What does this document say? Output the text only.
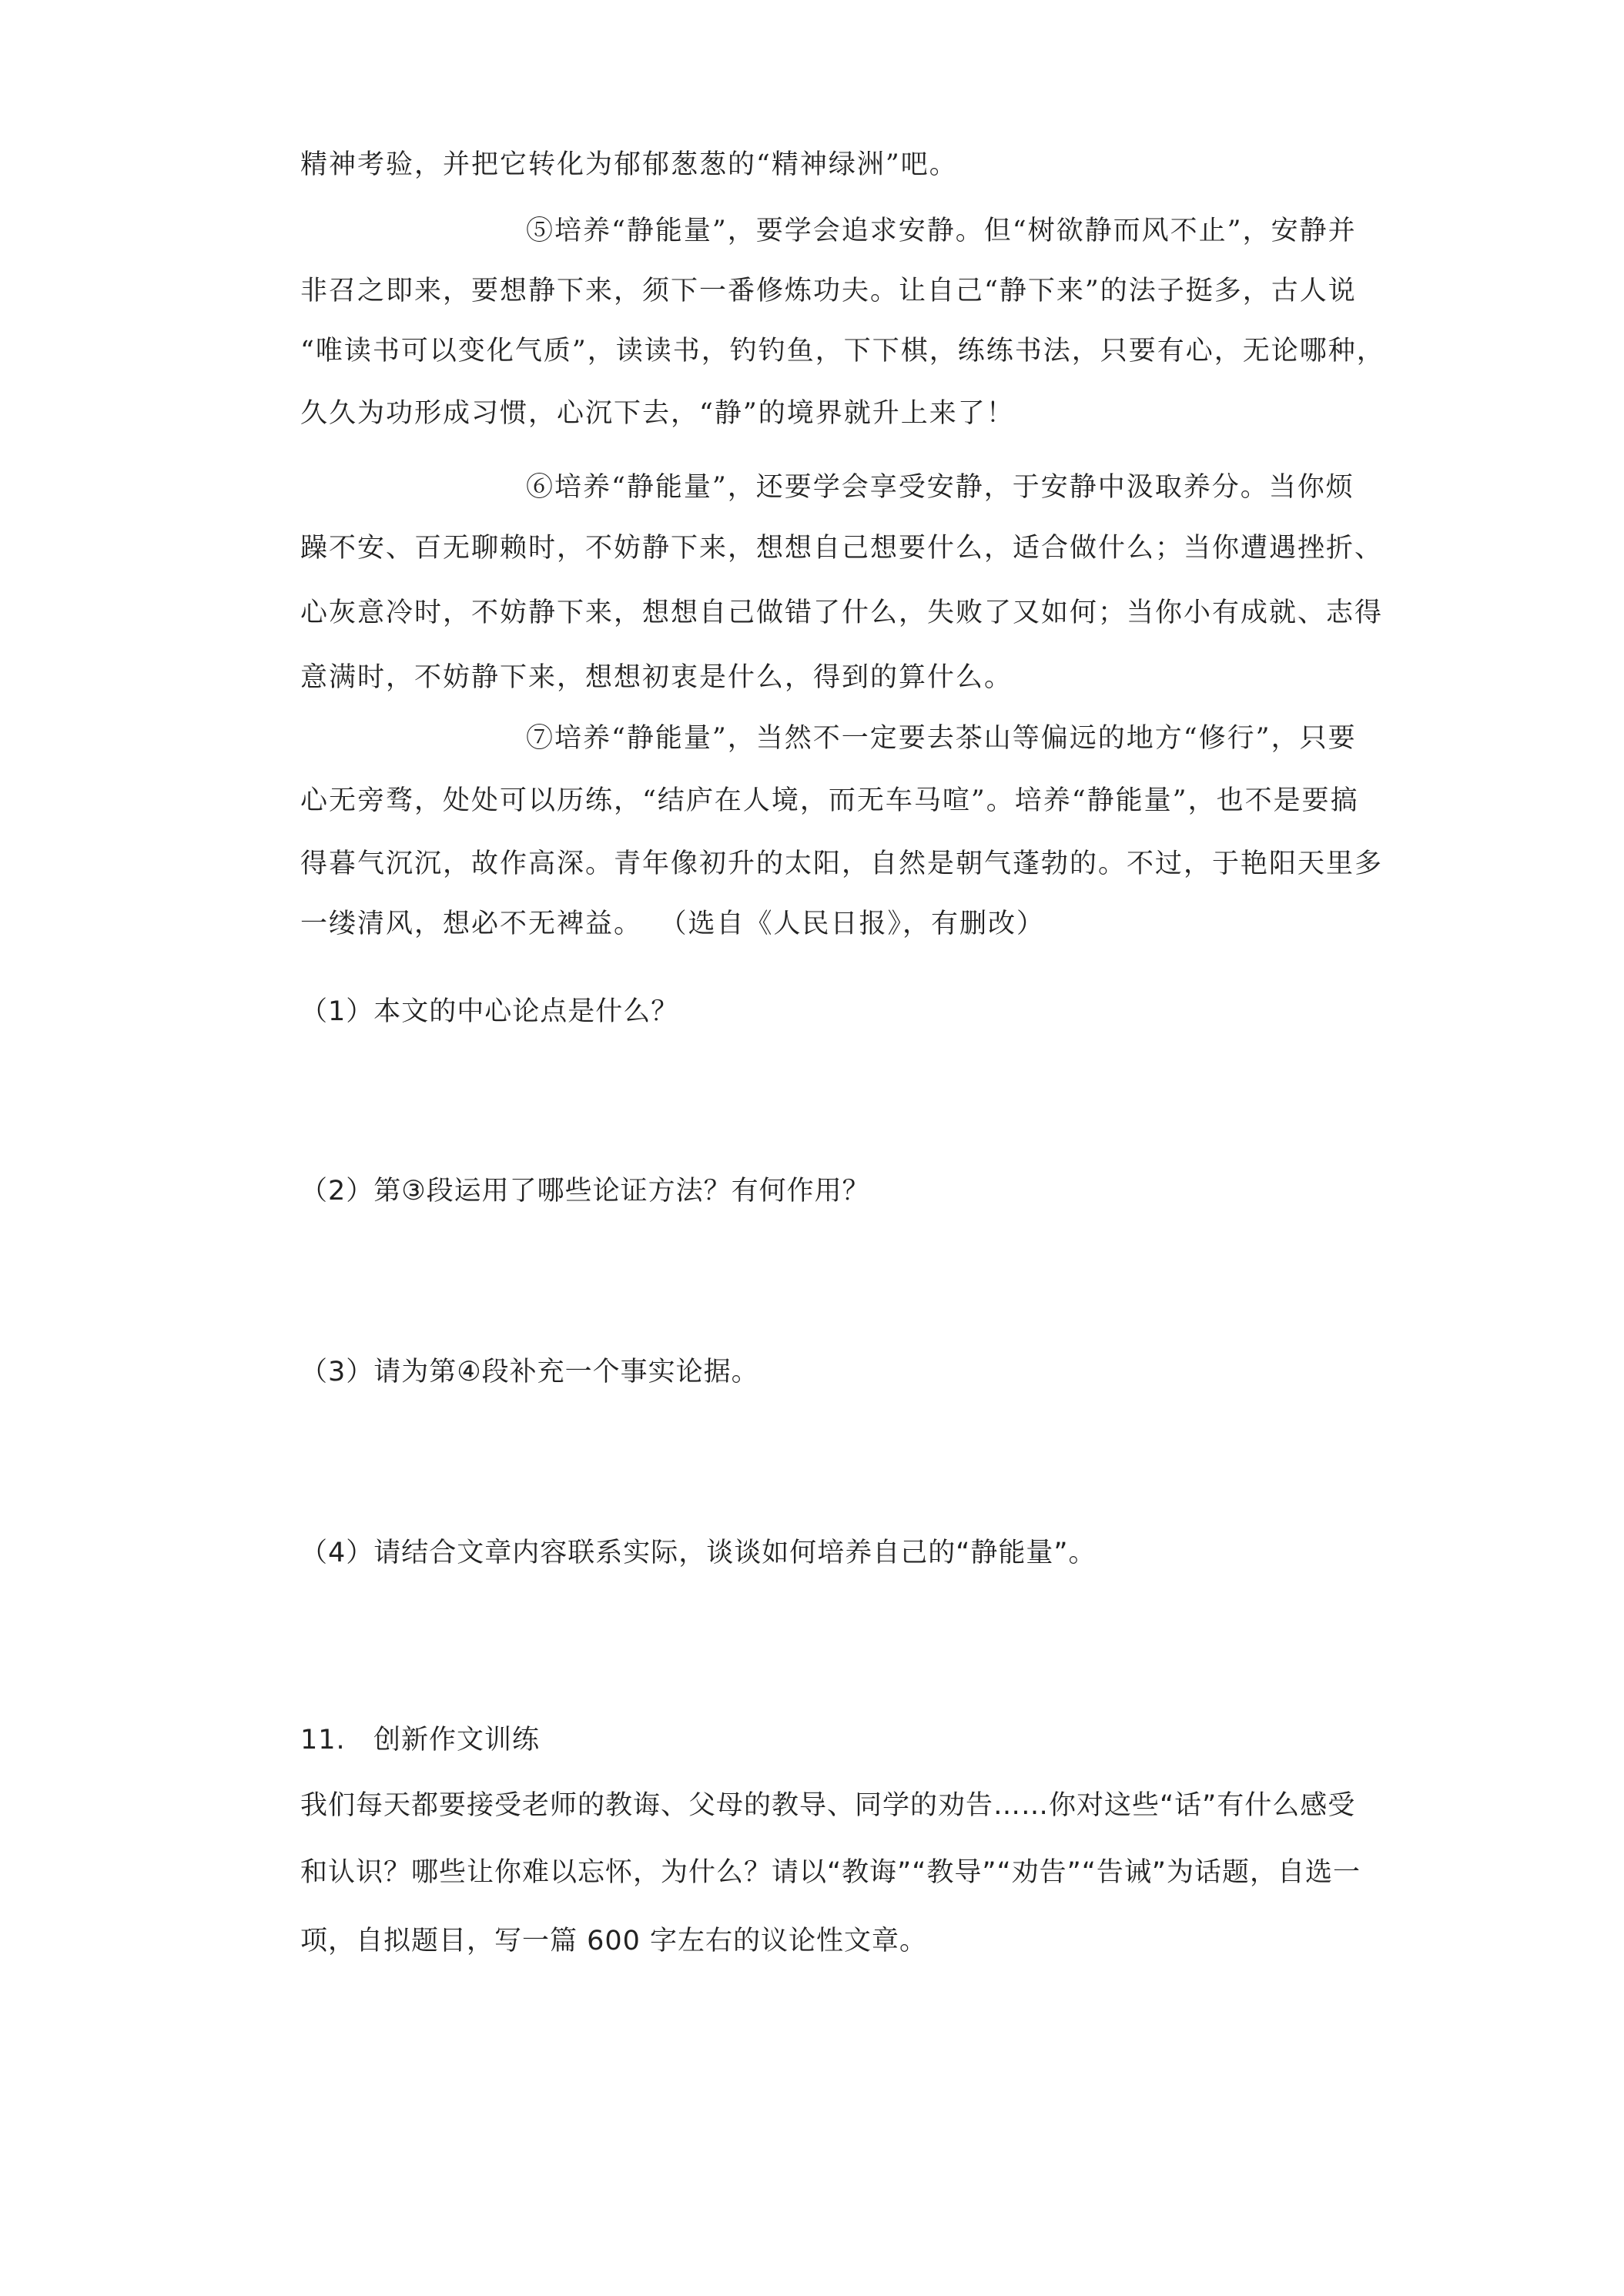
精神考验，并把它转化为郁郁葱葱的“精神绿洲”吧。
⑤培养“静能量”，要学会追求安静。但“树欲静而风不止”，安静并
非召之即来，要想静下来，须下一番修炼功夫。让自己“静下来”的法子挺多，古人说
“唯读书可以变化气质”，读读书，钓钓鱼，下下棋，练练书法，只要有心，无论哪种，
久久为功形成习惯，心沉下去，“静”的境界就升上来了！
⑥培养“静能量”，还要学会享受安静，于安静中汲取养分。当你烦
躁不安、百无聊赖时，不妨静下来，想想自己想要什么，适合做什么；当你遭遇挫折、
心灰意冷时，不妨静下来，想想自己做错了什么，失败了又如何；当你小有成就、志得
意满时，不妨静下来，想想初衷是什么，得到的算什么。
⑦培养“静能量”，当然不一定要去茶山等偏远的地方“修行”，只要
心无旁骛，处处可以历练，“结庐在人境，而无车马喧”。培养“静能量”，也不是要搞
得暮气沉沉，故作高深。青年像初升的太阳，自然是朝气蓬勃的。不过，于艳阳天里多
一缕清风，想必不无裨益。 （选自《人民日报》，有删改）
（1）本文的中心论点是什么？
（2）第③段运用了哪些论证方法？有何作用？
（3）请为第④段补充一个事实论据。
（4）请结合文章内容联系实际，谈谈如何培养自己的“静能量”。
11. 创新作文训练
我们每天都要接受老师的教诲、父母的教导、同学的劝告……你对这些“话”有什么感受
和认识？哪些让你难以忘怀，为什么？请以“教诲”“教导”“劝告”“告诫”为话题，自选一
项，自拟题目，写一篇 600 字左右的议论性文章。
